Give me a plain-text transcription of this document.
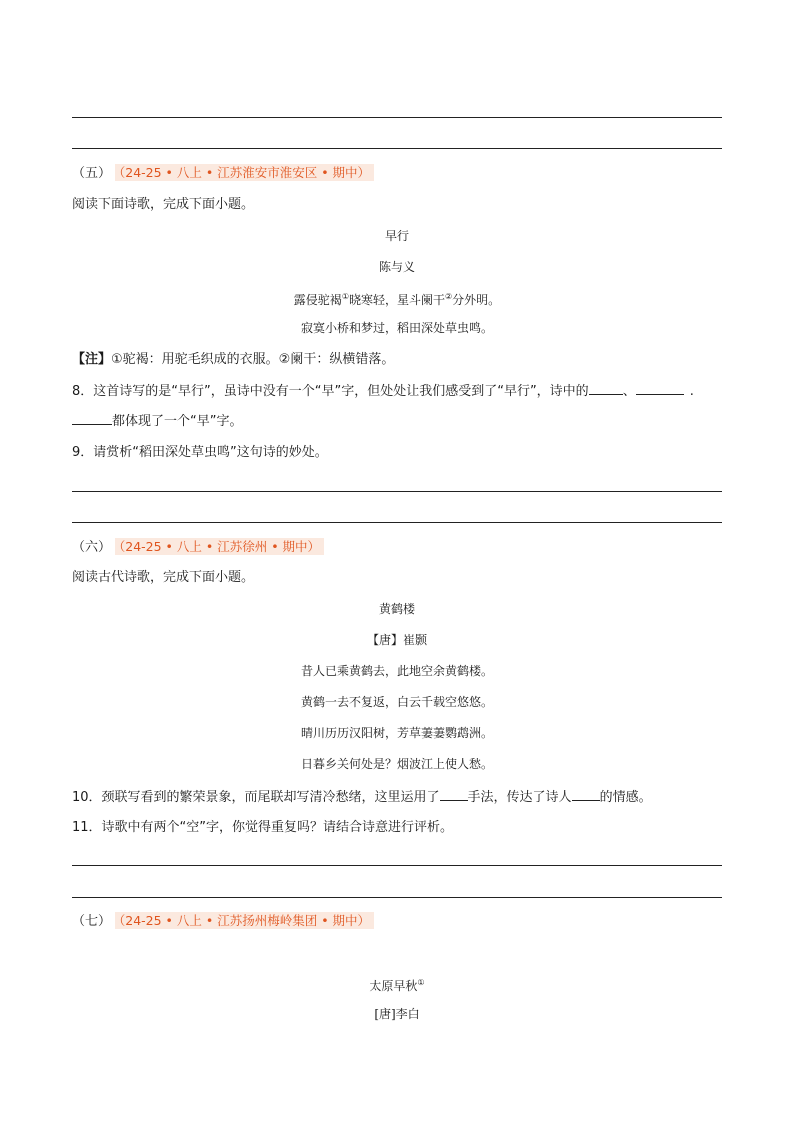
（五） （24-25 • 八上 • 江苏淮安市淮安区 • 期中）
阅读下面诗歌，完成下面小题。
早行
陈与义
露侵驼褐①晓寒轻，星斗阑干②分外明。
寂寞小桥和梦过，稻田深处草虫鸣。
【注】①驼褐：用驼毛织成的衣服。②阑干：纵横错落。
8．这首诗写的是“早行”，虽诗中没有一个“早”字，但处处让我们感受到了“早行”，诗中的	、	.
都体现了一个“早”字。
9．请赏析“稻田深处草虫鸣”这句诗的妙处。
（六） （24-25 • 八上 • 江苏徐州 • 期中）
阅读古代诗歌，完成下面小题。
黄鹤楼
【唐】崔颢
昔人已乘黄鹤去，此地空余黄鹤楼。
黄鹤一去不复返，白云千载空悠悠。
晴川历历汉阳树，芳草萋萋鹦鹉洲。
日暮乡关何处是？烟波江上使人愁。
10．颈联写看到的繁荣景象，而尾联却写清冷愁绪，这里运用了 手法，传达了诗人 的情感。
11．诗歌中有两个“空”字，你觉得重复吗？请结合诗意进行评析。
（七） （24-25 • 八上 • 江苏扬州梅岭集团 • 期中）
太原早秋①
[唐]李白
